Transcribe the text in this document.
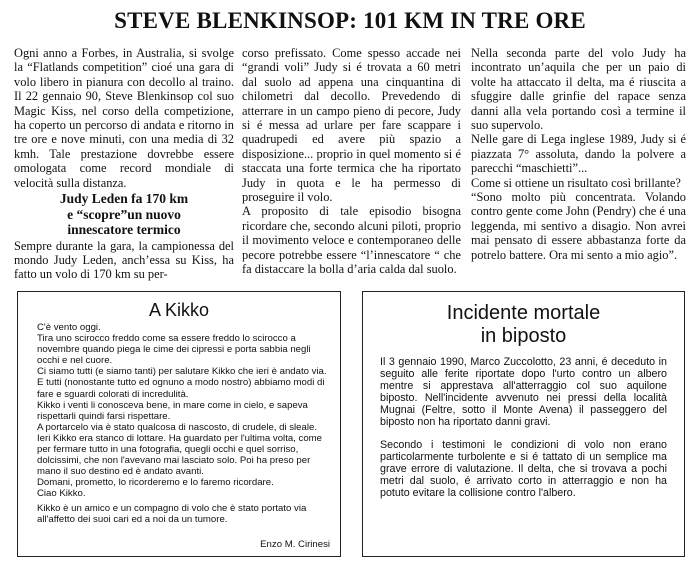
STEVE BLENKINSOP: 101 KM IN TRE ORE

Ogni anno a Forbes, in Australia, si svolge la “Flatlands competition” cioé una gara di volo libero in pianura con decollo al traino. Il 22 gennaio 90, Steve Blenkinsop col suo Magic Kiss, nel corso della competizione, ha coperto un percorso di andata e ritorno in tre ore e nove minuti, con una media di 32 kmh. Tale prestazione dovrebbe essere omologata come record mondiale di velocità sulla distanza.

Judy Leden fa 170 km
e “scopre”un nuovo
innescatore termico

Sempre durante la gara, la campionessa del mondo Judy Leden, anch’essa su Kiss, ha fatto un volo di 170 km su per-

corso prefissato. Come spesso accade nei “grandi voli” Judy si é trovata a 60 metri dal suolo ad appena una cinquantina di chilometri dal decollo. Prevedendo di atterrare in un campo pieno di pecore, Judy si é messa ad urlare per fare scappare i quadrupedi ed avere più spazio a disposizione... proprio in quel momento si é staccata una forte termica che ha riportato Judy in quota e le ha permesso di proseguire il volo.

A proposito di tale episodio bisogna ricordare che, secondo alcuni piloti, proprio il movimento veloce e contemporaneo delle pecore potrebbe essere “l’innescatore “ che fa distaccare la bolla d’aria calda dal suolo.

Nella seconda parte del volo Judy ha incontrato un’aquila che per un paio di volte ha attaccato il delta, ma é riuscita a sfuggire dalle grinfie del rapace senza danni alla vela portando così a termine il suo supervolo.

Nelle gare di Lega inglese 1989, Judy si é piazzata 7° assoluta, dando la polvere a parecchi “maschietti”...

Come si ottiene un risultato così brillante?

“Sono molto più concentrata. Volando contro gente come John (Pendry) che é una leggenda, mi sentivo a disagio. Non avrei mai pensato di essere abbastanza forte da potrelo battere. Ora mi sento a mio agio”.

A Kikko

C'è vento oggi.

Tira uno scirocco freddo come sa essere freddo lo scirocco a novembre quando piega le cime dei cipressi e porta sabbia negli occhi e nel cuore.

Ci siamo tutti (e siamo tanti) per salutare Kikko che ieri è andato via. E tutti (nonostante tutto ed ognuno a modo nostro) abbiamo modi di fare e sguardi colorati di incredulità.

Kikko i venti li conosceva bene, in mare come in cielo, e sapeva rispettarli quindi farsi rispettare.

A portarcelo via è stato qualcosa di nascosto, di crudele, di sleale.

Ieri Kikko era stanco di lottare. Ha guardato per l'ultima volta, come per fermare tutto in una fotografia, quegli occhi e quel sorriso, dolcissimi, che non l'avevano mai lasciato solo. Poi ha preso per mano il suo destino ed è andato avanti.

Domani, prometto, lo ricorderemo e lo faremo ricordare.

Ciao Kikko.

Kikko è un amico e un compagno di volo che è stato portato via all'affetto dei suoi cari ed a noi da un tumore.

Enzo M. Cirinesi
Incidente mortale
in biposto

Il 3 gennaio 1990, Marco Zuccolotto, 23 anni, é deceduto in seguito alle ferite riportate dopo l'urto contro un albero mentre si apprestava all'atterraggio col suo aquilone biposto. Nell'incidente avvenuto nei pressi della località Mugnai (Feltre, sotto il Monte Avena) il passeggero del biposto non ha riportato danni gravi.

Secondo i testimoni le condizioni di volo non erano particolarmente turbolente e si é tattato di un semplice ma grave errore di valutazione. Il delta, che si trovava a pochi metri dal suolo, é arrivato corto in atterraggio e non ha potuto evitare la collisione contro l'albero.
